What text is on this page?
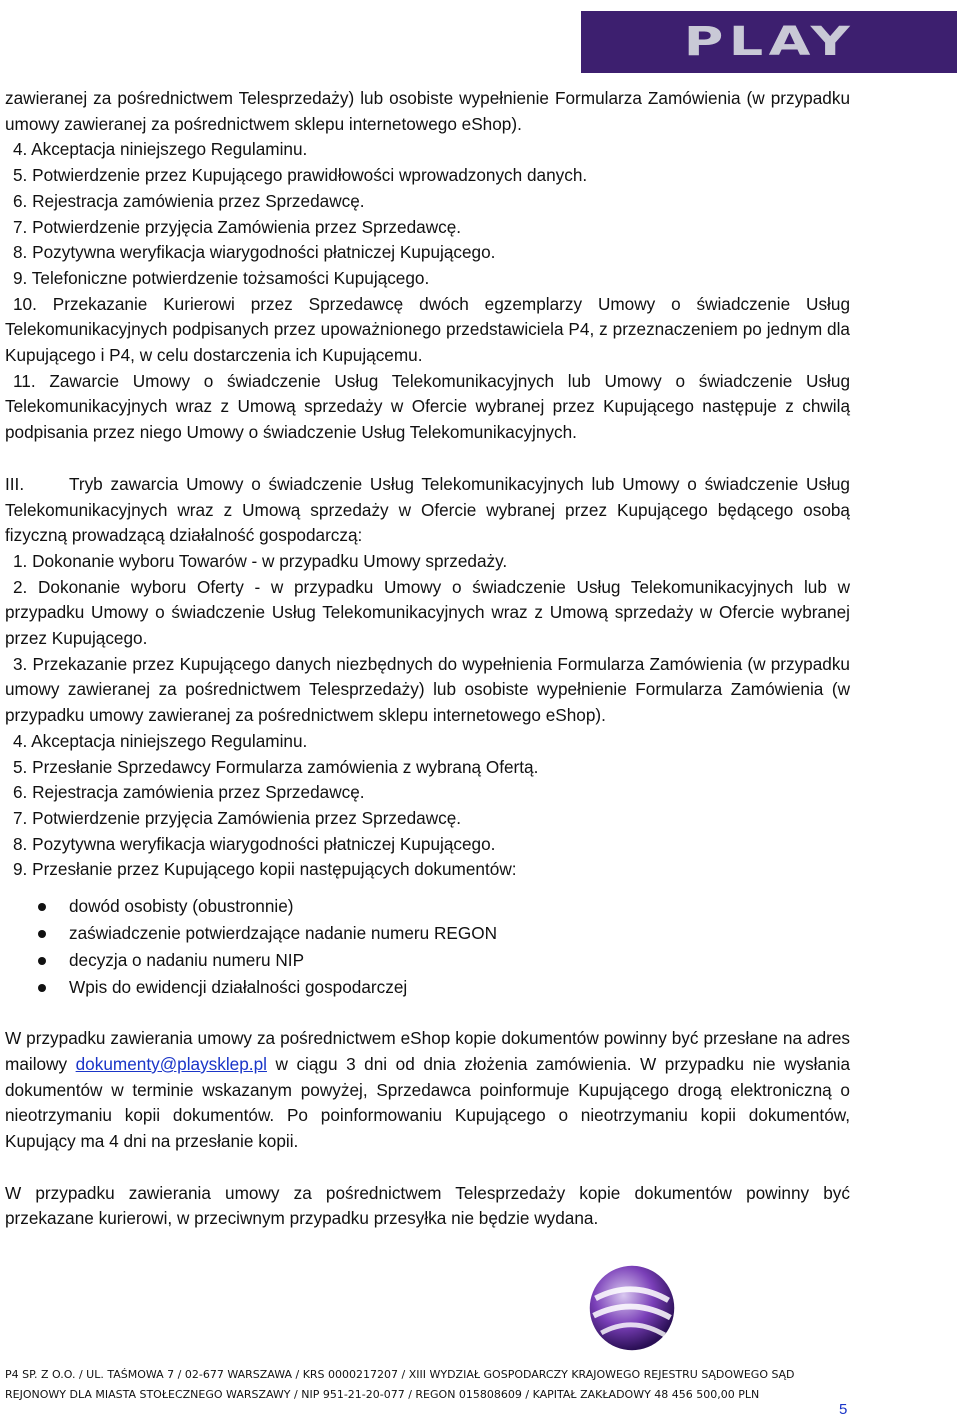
PLAY

zawieranej za pośrednictwem Telesprzedaży) lub osobiste wypełnienie Formularza Zamówienia (w przypadku umowy zawieranej za pośrednictwem sklepu internetowego eShop).

4. Akceptacja niniejszego Regulaminu.

5. Potwierdzenie przez Kupującego prawidłowości wprowadzonych danych.

6. Rejestracja zamówienia przez Sprzedawcę.

7. Potwierdzenie przyjęcia Zamówienia przez Sprzedawcę.

8. Pozytywna weryfikacja wiarygodności płatniczej Kupującego.

9. Telefoniczne potwierdzenie tożsamości Kupującego.

10. Przekazanie Kurierowi przez Sprzedawcę dwóch egzemplarzy Umowy o świadczenie Usług Telekomunikacyjnych podpisanych przez upoważnionego przedstawiciela P4, z przeznaczeniem po jednym dla Kupującego i P4, w celu dostarczenia ich Kupującemu.

11. Zawarcie Umowy o świadczenie Usług Telekomunikacyjnych lub Umowy o świadczenie Usług Telekomunikacyjnych wraz z Umową sprzedaży w Ofercie wybranej przez Kupującego następuje z chwilą podpisania przez niego Umowy o świadczenie Usług Telekomunikacyjnych.

III.	Tryb zawarcia Umowy o świadczenie Usług Telekomunikacyjnych lub Umowy o świadczenie Usług Telekomunikacyjnych wraz z Umową sprzedaży w Ofercie wybranej przez Kupującego będącego osobą fizyczną prowadzącą działalność gospodarczą:

1. Dokonanie wyboru Towarów - w przypadku Umowy sprzedaży.

2. Dokonanie wyboru Oferty - w przypadku Umowy o świadczenie Usług Telekomunikacyjnych lub w przypadku Umowy o świadczenie Usług Telekomunikacyjnych wraz z Umową sprzedaży w Ofercie wybranej przez Kupującego.

3. Przekazanie przez Kupującego danych niezbędnych do wypełnienia Formularza Zamówienia (w przypadku umowy zawieranej za pośrednictwem Telesprzedaży) lub osobiste wypełnienie Formularza Zamówienia (w przypadku umowy zawieranej za pośrednictwem sklepu internetowego eShop).

4. Akceptacja niniejszego Regulaminu.

5. Przesłanie Sprzedawcy Formularza zamówienia z wybraną Ofertą.

6. Rejestracja zamówienia przez Sprzedawcę.

7. Potwierdzenie przyjęcia Zamówienia przez Sprzedawcę.

8. Pozytywna weryfikacja wiarygodności płatniczej Kupującego.

9. Przesłanie przez Kupującego kopii następujących dokumentów:

dowód osobisty (obustronnie)
zaświadczenie potwierdzające nadanie numeru REGON
decyzja o nadaniu numeru NIP
Wpis do ewidencji działalności gospodarczej

W przypadku zawierania umowy za pośrednictwem eShop kopie dokumentów powinny być przesłane na adres mailowy dokumenty@playsklep.pl w ciągu 3 dni od dnia złożenia zamówienia. W przypadku nie wysłania dokumentów w terminie wskazanym powyżej, Sprzedawca poinformuje Kupującego drogą elektroniczną o nieotrzymaniu kopii dokumentów. Po poinformowaniu Kupującego o nieotrzymaniu kopii dokumentów, Kupujący ma 4 dni na przesłanie kopii.

W przypadku zawierania umowy za pośrednictwem Telesprzedaży kopie dokumentów powinny być przekazane kurierowi, w przeciwnym przypadku przesyłka nie będzie wydana.

P4 SP. Z O.O. / UL. TAŚMOWA 7 / 02-677 WARSZAWA / KRS 0000217207 / XIII WYDZIAŁ GOSPODARCZY KRAJOWEGO REJESTRU SĄDOWEGO SĄD
REJONOWY DLA MIASTA STOŁECZNEGO WARSZAWY / NIP 951-21-20-077 / REGON 015808609 / KAPITAŁ ZAKŁADOWY 48 456 500,00 PLN
5
